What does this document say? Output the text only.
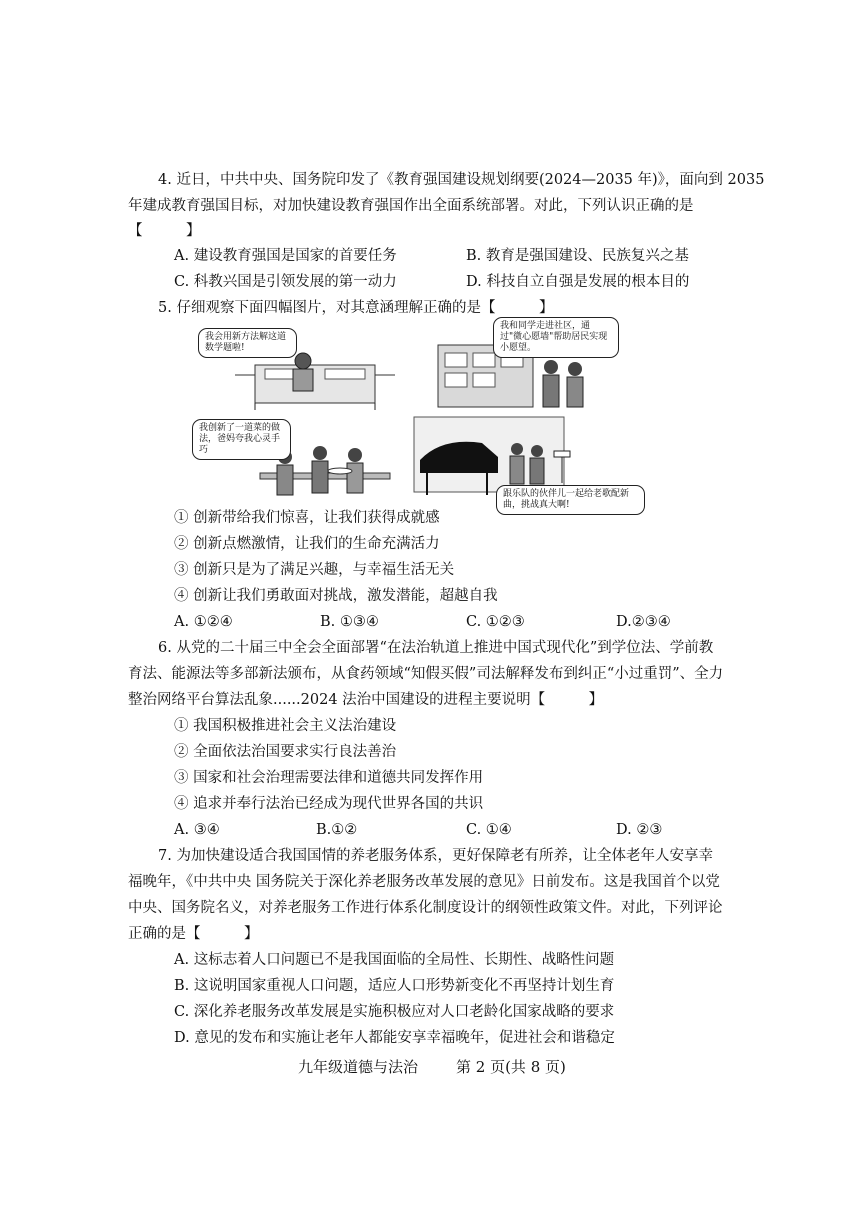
4. 近日，中共中央、国务院印发了《教育强国建设规划纲要(2024—2035 年)》，面向到 2035
年建成教育强国目标，对加快建设教育强国作出全面系统部署。对此，下列认识正确的是
【　　　】
A. 建设教育强国是国家的首要任务	B. 教育是强国建设、民族复兴之基
C. 科教兴国是引领发展的第一动力	D. 科技自立自强是发展的根本目的
5. 仔细观察下面四幅图片，对其意涵理解正确的是【　　　】
我会用新方法解这道数学题啦!
我和同学走进社区，通过"微心愿墙"帮助居民实现小愿望。
我创新了一道菜的做法，爸妈夸我心灵手巧
跟乐队的伙伴儿一起给老歌配新曲，挑战真大啊!
① 创新带给我们惊喜，让我们获得成就感
② 创新点燃激情，让我们的生命充满活力
③ 创新只是为了满足兴趣，与幸福生活无关
④ 创新让我们勇敢面对挑战，激发潜能，超越自我
A. ①②④	B. ①③④	C. ①②③	D.②③④
6. 从党的二十届三中全会全面部署“在法治轨道上推进中国式现代化”到学位法、学前教
育法、能源法等多部新法颁布，从食药领域“知假买假”司法解释发布到纠正“小过重罚”、全力
整治网络平台算法乱象......2024 法治中国建设的进程主要说明【　　　】
① 我国积极推进社会主义法治建设
② 全面依法治国要求实行良法善治
③ 国家和社会治理需要法律和道德共同发挥作用
④ 追求并奉行法治已经成为现代世界各国的共识
A. ③④	B.①②	C. ①④	D. ②③
7. 为加快建设适合我国国情的养老服务体系，更好保障老有所养，让全体老年人安享幸
福晚年，《中共中央 国务院关于深化养老服务改革发展的意见》日前发布。这是我国首个以党
中央、国务院名义，对养老服务工作进行体系化制度设计的纲领性政策文件。对此，下列评论
正确的是【　　　】
A. 这标志着人口问题已不是我国面临的全局性、长期性、战略性问题
B. 这说明国家重视人口问题，适应人口形势新变化不再坚持计划生育
C. 深化养老服务改革发展是实施积极应对人口老龄化国家战略的要求
D. 意见的发布和实施让老年人都能安享幸福晚年，促进社会和谐稳定
九年级道德与法治	第 2 页(共 8 页)
